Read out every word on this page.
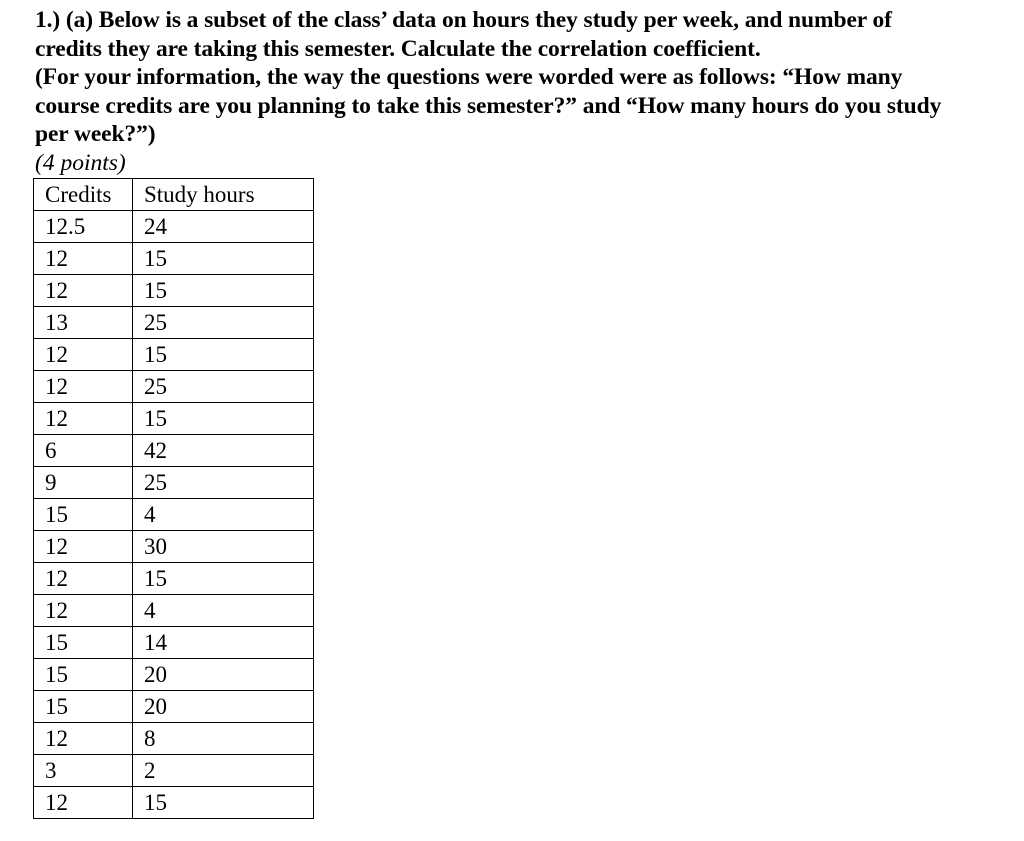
1.) (a) Below is a subset of the class’ data on hours they study per week, and number of
credits they are taking this semester. Calculate the correlation coefficient.
(For your information, the way the questions were worded were as follows: “How many
course credits are you planning to take this semester?” and “How many hours do you study
per week?”)
(4 points)
Credits	Study hours
12.5	24
12	15
12	15
13	25
12	15
12	25
12	15
6	42
9	25
15	4
12	30
12	15
12	4
15	14
15	20
15	20
12	8
3	2
12	15
